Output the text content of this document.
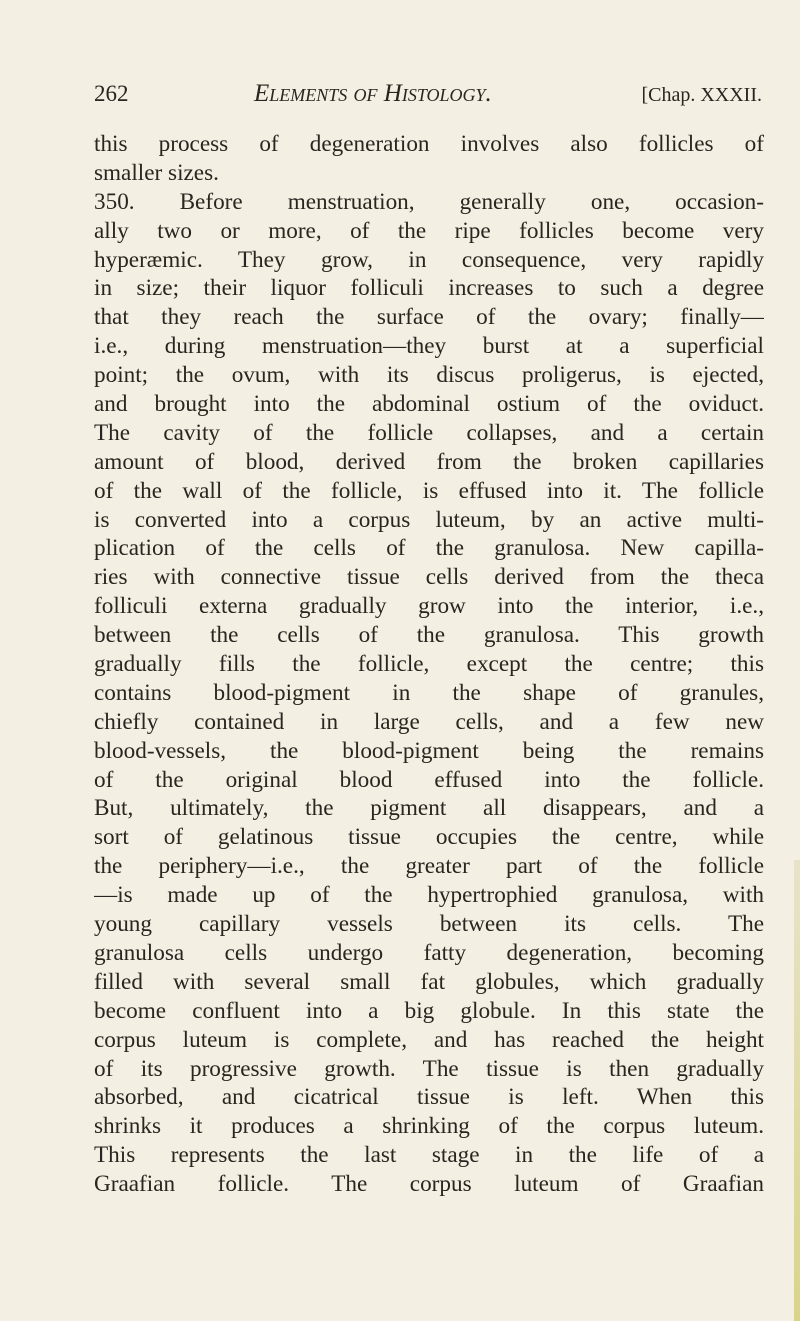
262	Elements of Histology.	[Chap. XXXII.
this process of degeneration involves also follicles of
smaller sizes.
350. Before menstruation, generally one, occasion-
ally two or more, of the ripe follicles become very
hyperæmic. They grow, in consequence, very rapidly
in size; their liquor folliculi increases to such a degree
that they reach the surface of the ovary; finally—
i.e., during menstruation—they burst at a superficial
point; the ovum, with its discus proligerus, is ejected,
and brought into the abdominal ostium of the oviduct.
The cavity of the follicle collapses, and a certain
amount of blood, derived from the broken capillaries
of the wall of the follicle, is effused into it. The follicle
is converted into a corpus luteum, by an active multi-
plication of the cells of the granulosa. New capilla-
ries with connective tissue cells derived from the theca
folliculi externa gradually grow into the interior, i.e.,
between the cells of the granulosa. This growth
gradually fills the follicle, except the centre; this
contains blood-pigment in the shape of granules,
chiefly contained in large cells, and a few new
blood-vessels, the blood-pigment being the remains
of the original blood effused into the follicle.
But, ultimately, the pigment all disappears, and a
sort of gelatinous tissue occupies the centre, while
the periphery—i.e., the greater part of the follicle
—is made up of the hypertrophied granulosa, with
young capillary vessels between its cells. The
granulosa cells undergo fatty degeneration, becoming
filled with several small fat globules, which gradually
become confluent into a big globule. In this state the
corpus luteum is complete, and has reached the height
of its progressive growth. The tissue is then gradually
absorbed, and cicatrical tissue is left. When this
shrinks it produces a shrinking of the corpus luteum.
This represents the last stage in the life of a
Graafian follicle. The corpus luteum of Graafian
